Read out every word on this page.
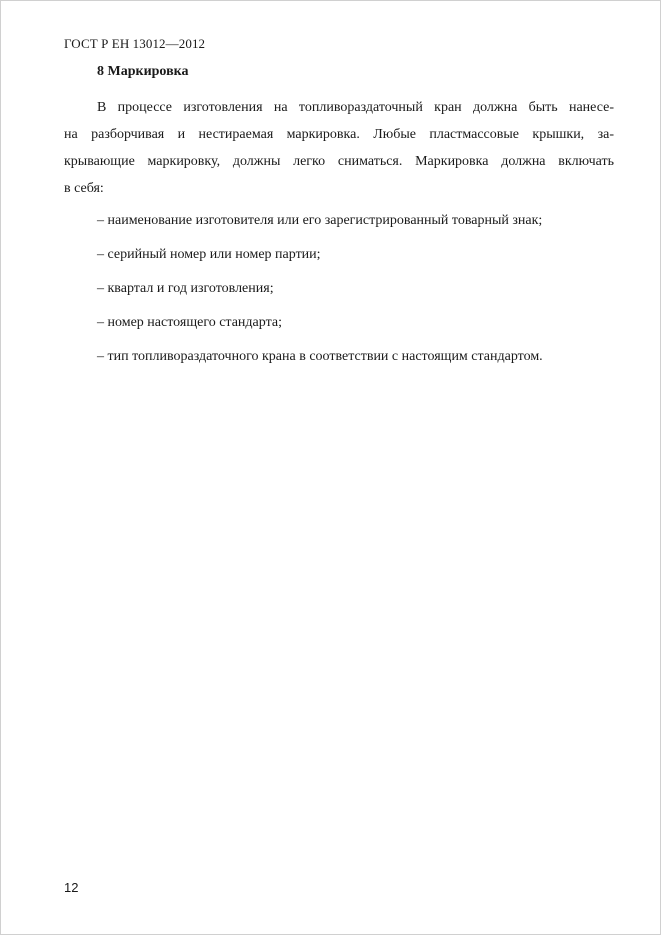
ГОСТ Р ЕН 13012—2012
8 Маркировка
В процессе изготовления на топливораздаточный кран должна быть нанесе-
на разборчивая и нестираемая маркировка. Любые пластмассовые крышки, за-
крывающие маркировку, должны легко сниматься. Маркировка должна включать
в себя:
– наименование изготовителя или его зарегистрированный товарный знак;
– серийный номер или номер партии;
– квартал и год изготовления;
– номер настоящего стандарта;
– тип топливораздаточного крана в соответствии с настоящим стандартом.
12
